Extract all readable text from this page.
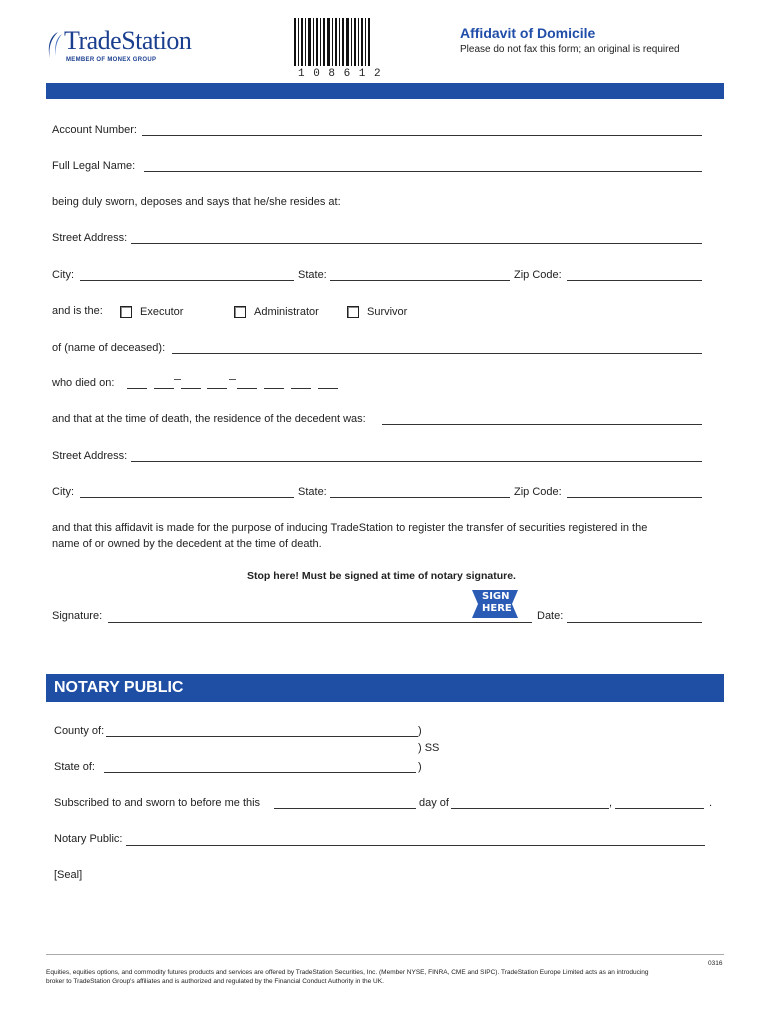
TradeStation
MEMBER OF MONEX GROUP
1 0 8 6 1 2
Affidavit of Domicile
Please do not fax this form; an original is required
Account Number:
Full Legal Name:
being duly sworn, deposes and says that he/she resides at:
Street Address:
City:	State:	Zip Code:
and is the:	Executor	Administrator	Survivor
of (name of deceased):
who died on:
and that at the time of death, the residence of the decedent was:
Street Address:
City:	State:	Zip Code:
and that this affidavit is made for the purpose of inducing TradeStation to register the transfer of securities registered in the
name of or owned by the decedent at the time of death.
Stop here! Must be signed at time of notary signature.
Signature:
SIGN
HERE
Date:
NOTARY PUBLIC
County of:	)
) SS
State of:	)
Subscribed to and sworn to before me this	day of	,	.
Notary Public:
[Seal]
0316
Equities, equities options, and commodity futures products and services are offered by TradeStation Securities, Inc. (Member NYSE, FINRA, CME and SIPC). TradeStation Europe Limited acts as an introducing
broker to TradeStation Group's affiliates and is authorized and regulated by the Financial Conduct Authority in the UK.
